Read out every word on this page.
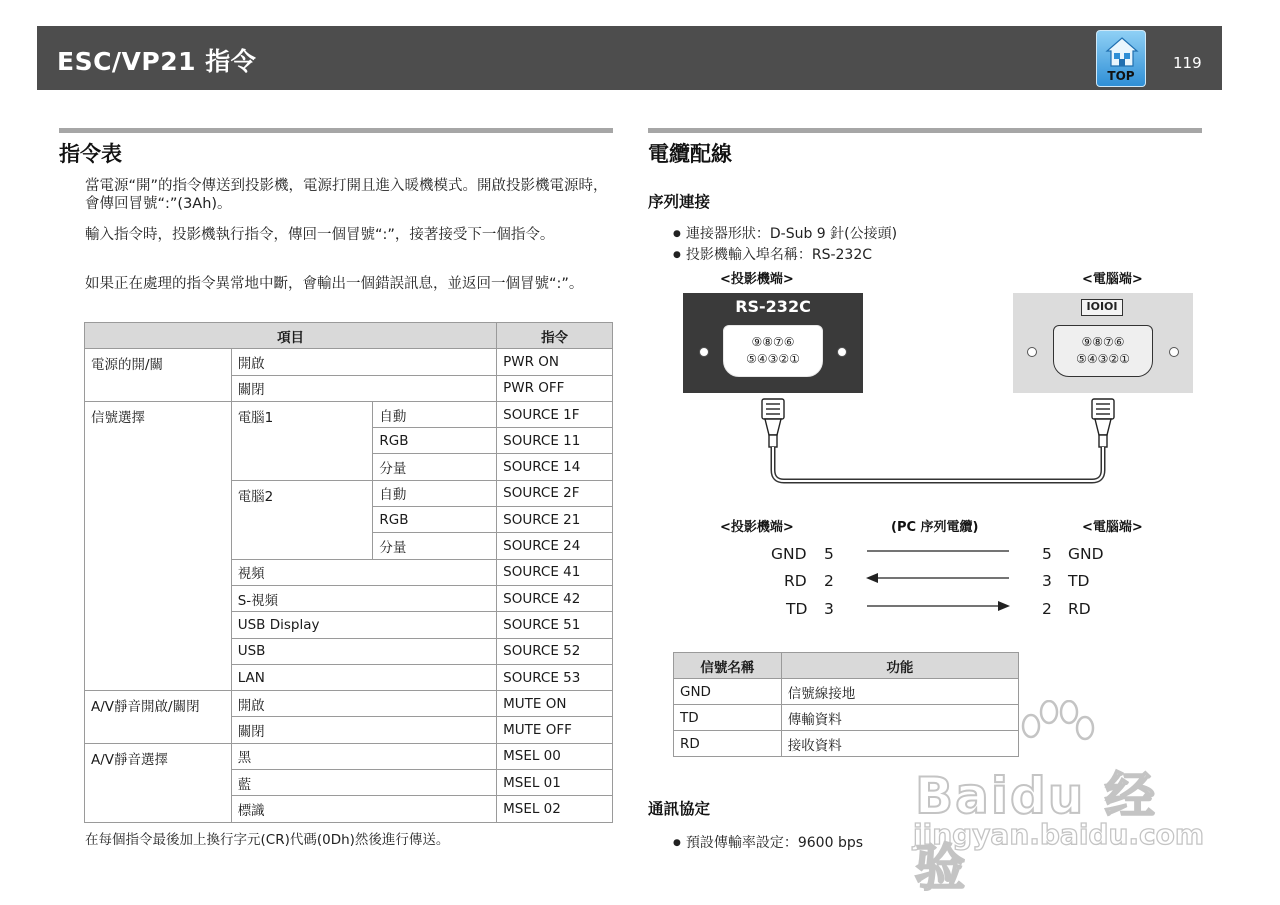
ESC/VP21 指令	TOP
119
指令表
當電源“開”的指令傳送到投影機，電源打開且進入暖機模式。開啟投影機電源時，會傳回冒號“:”(3Ah)。
輸入指令時，投影機執行指令，傳回一個冒號“:”，接著接受下一個指令。
如果正在處理的指令異常地中斷，會輸出一個錯誤訊息，並返回一個冒號“:”。
項目			指令
電源的開/關	開啟		PWR ON
	關閉		PWR OFF
信號選擇	電腦1	自動	SOURCE 1F
		RGB	SOURCE 11
		分量	SOURCE 14
	電腦2	自動	SOURCE 2F
		RGB	SOURCE 21
		分量	SOURCE 24
	視頻		SOURCE 41
	S-視頻		SOURCE 42
	USB Display		SOURCE 51
	USB		SOURCE 52
	LAN		SOURCE 53
A/V靜音開啟/關閉	開啟		MUTE ON
	關閉		MUTE OFF
A/V靜音選擇	黑		MSEL 00
	藍		MSEL 01
	標識		MSEL 02
在每個指令最後加上換行字元(CR)代碼(0Dh)然後進行傳送。
電纜配線
序列連接
● 連接器形狀：D-Sub 9 針(公接頭)
● 投影機輸入埠名稱：RS-232C
<投影機端>	<電腦端>
RS-232C
⑨⑧⑦⑥
⑤④③②①
IOIOI
⑨⑧⑦⑥
⑤④③②①
<投影機端>	(PC 序列電纜)	<電腦端>
GND 5	5 GND
RD 2	3 TD
TD 3	2 RD
信號名稱	功能
GND	信號線接地
TD	傳輸資料
RD	接收資料
通訊協定
● 預設傳輸率設定：9600 bps
Baidu 经验
jingyan.baidu.com
